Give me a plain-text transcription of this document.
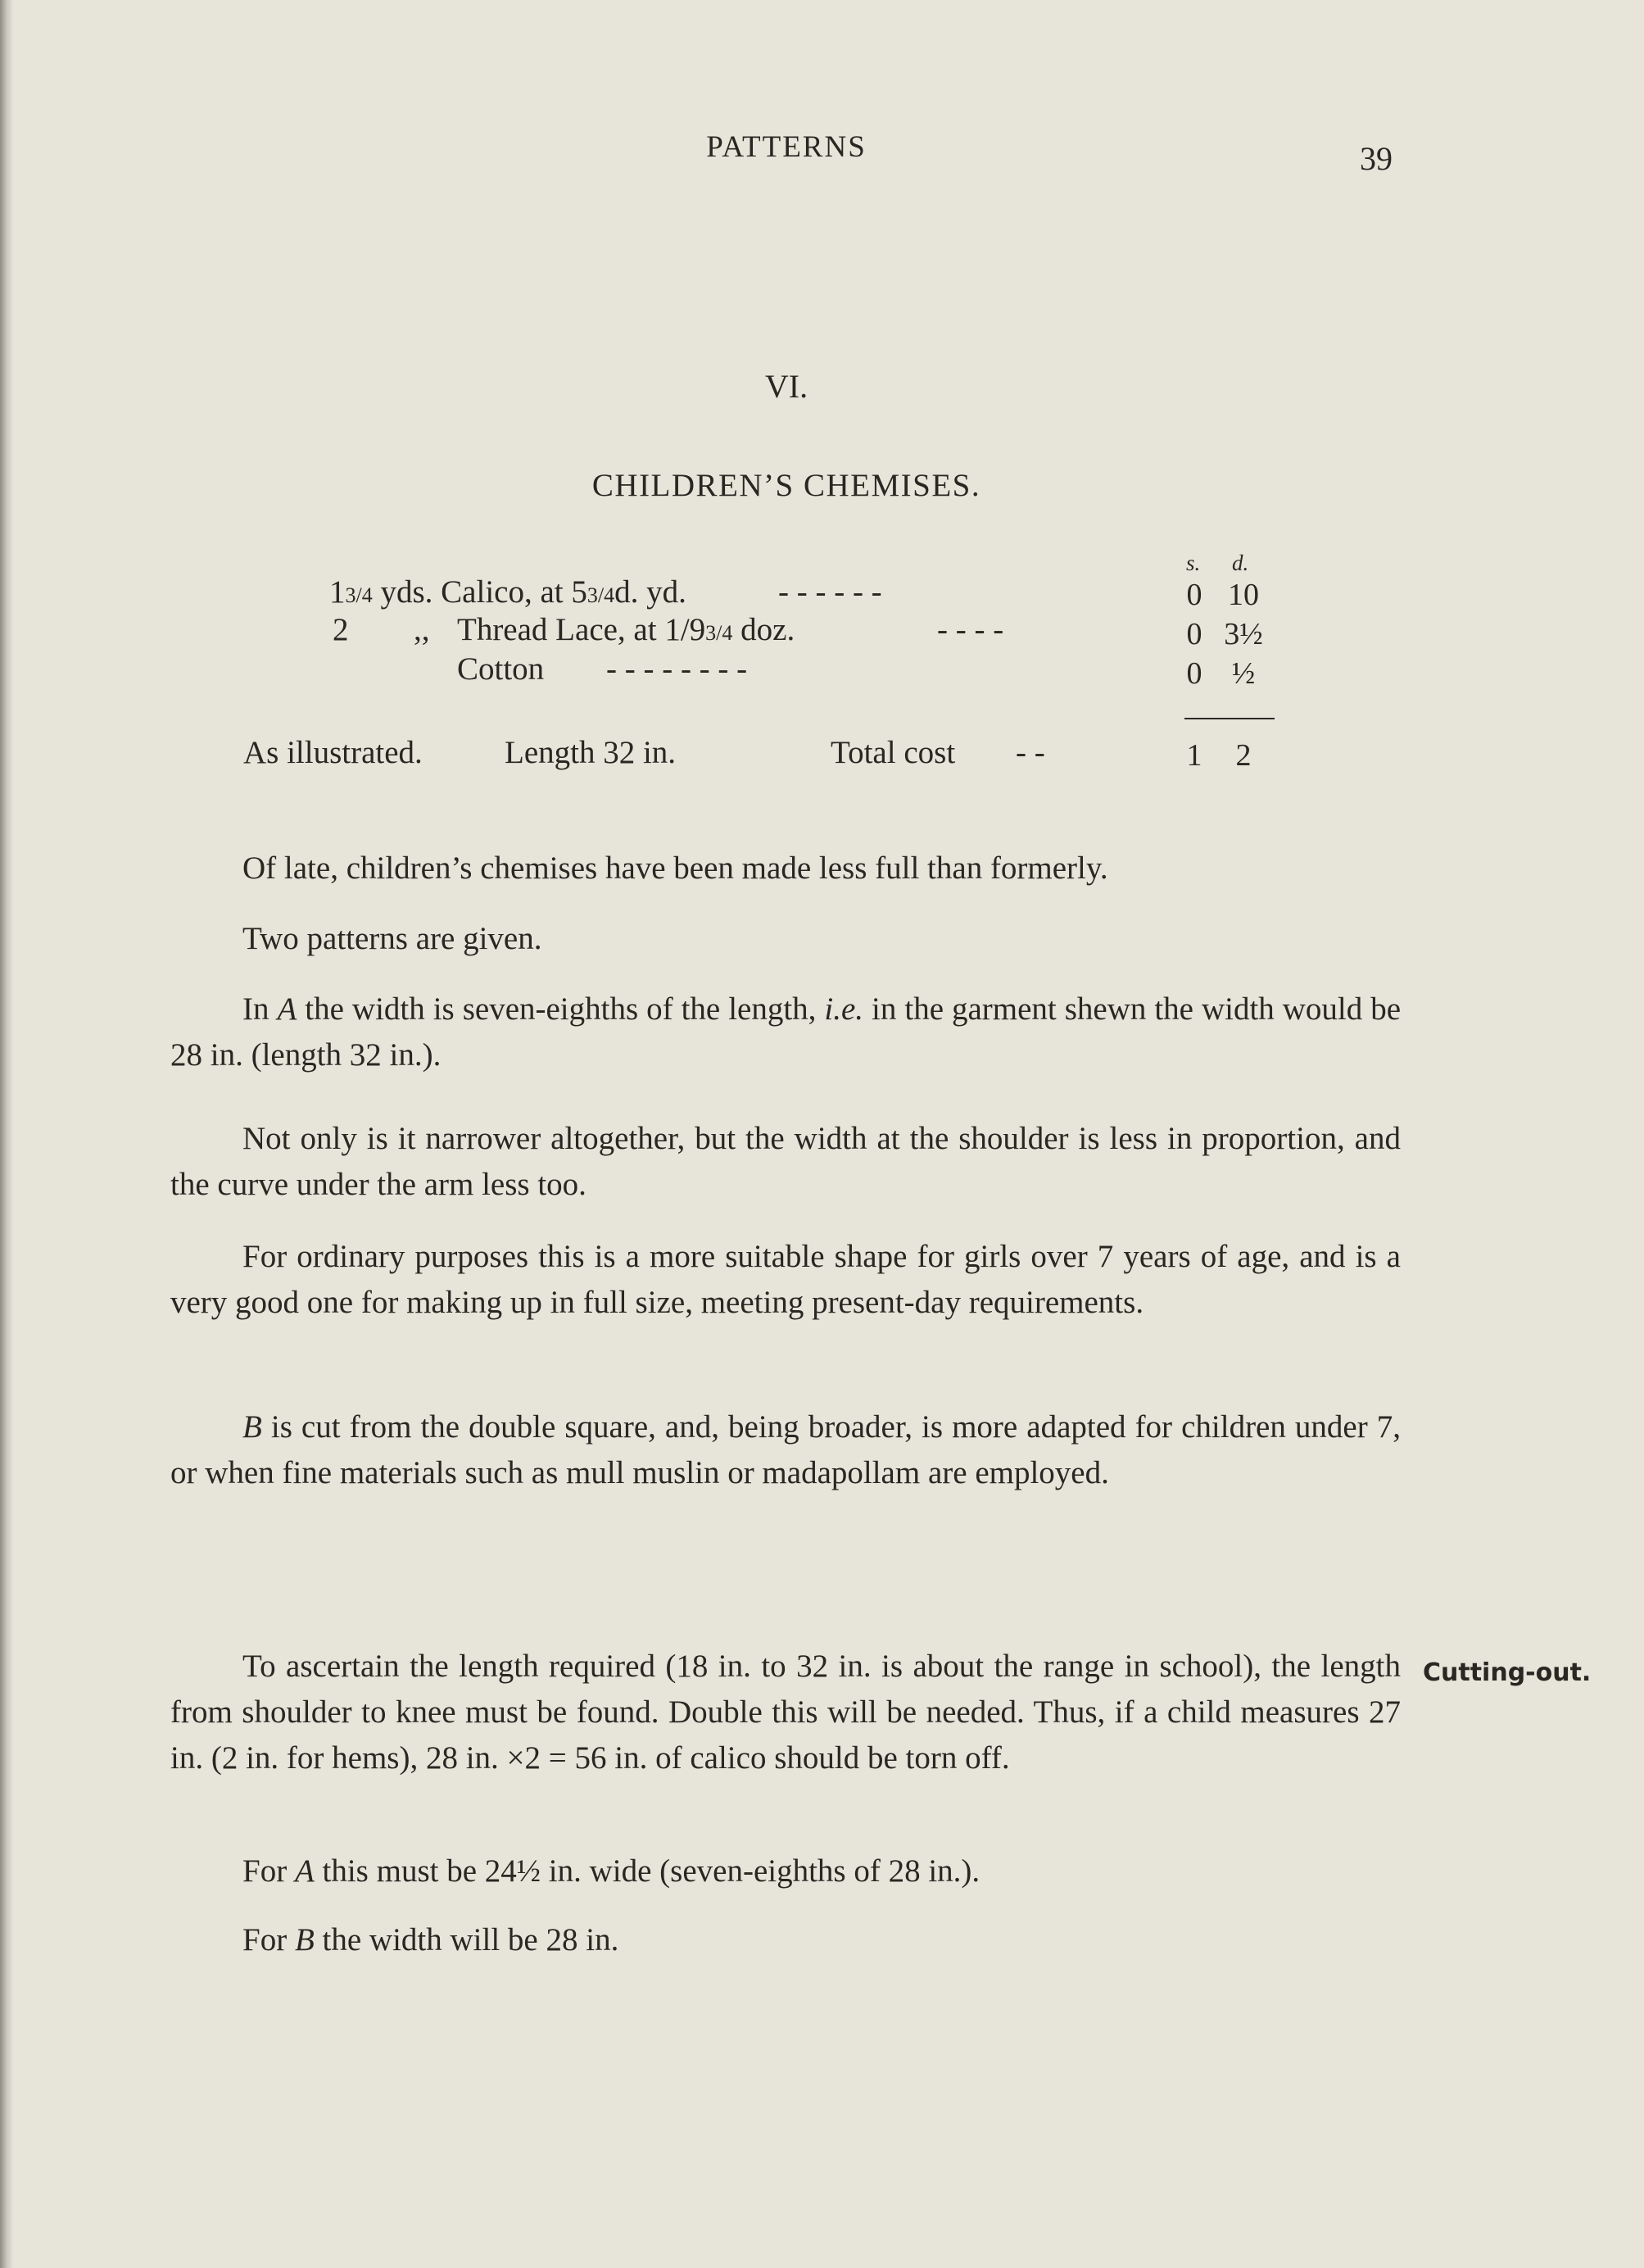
PATTERNS	39
VI.
CHILDREN’S CHEMISES.
s. d.
13/4 yds. Calico, at 53/4d. yd.	- - - - - -	0 10
2 ,, Thread Lace, at 1/93/4 doz.	- - - -	0 3½
Cotton - - - - - - - -	0 ½
As illustrated.	Length 32 in.	Total cost - -	1	2
Of late, children’s chemises have been made less full than formerly.
Two patterns are given.
In A the width is seven-eighths of the length, i.e. in the garment shewn the width would be 28 in. (length 32 in.).
Not only is it narrower altogether, but the width at the shoulder is less in proportion, and the curve under the arm less too.
For ordinary purposes this is a more suitable shape for girls over 7 years of age, and is a very good one for making up in full size, meeting present-day requirements.
B is cut from the double square, and, being broader, is more adapted for children under 7, or when fine materials such as mull muslin or madapollam are employed.
To ascertain the length required (18 in. to 32 in. is about the range in school), the length from shoulder to knee must be found. Double this will be needed. Thus, if a child measures 27 in. (2 in. for hems), 28 in. ×2 = 56 in. of calico should be torn off.
Cutting-out.
For A this must be 24½ in. wide (seven-eighths of 28 in.).
For B the width will be 28 in.
